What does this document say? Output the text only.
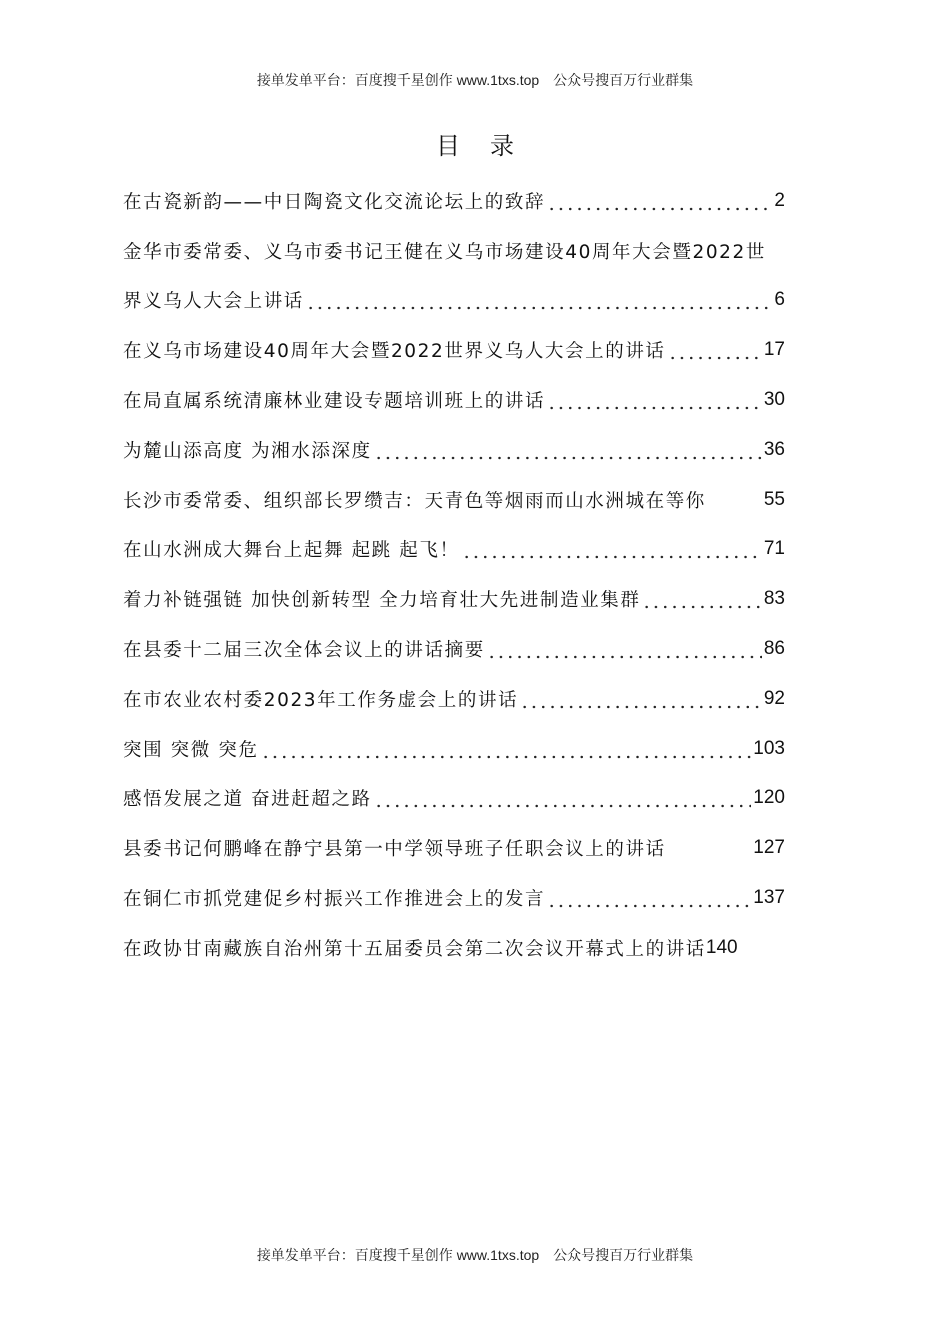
接单发单平台：百度搜千星创作 www.1txs.top　公众号搜百万行业群集
目录
在古瓷新韵——中日陶瓷文化交流论坛上的致辞	2
金华市委常委、义乌市委书记王健在义乌市场建设40周年大会暨2022世
界义乌人大会上讲话	6
在义乌市场建设40周年大会暨2022世界义乌人大会上的讲话	17
在局直属系统清廉林业建设专题培训班上的讲话	30
为麓山添高度 为湘水添深度	36
长沙市委常委、组织部长罗缵吉：天青色等烟雨而山水洲城在等你	55
在山水洲成大舞台上起舞 起跳 起飞！	71
着力补链强链 加快创新转型 全力培育壮大先进制造业集群	83
在县委十二届三次全体会议上的讲话摘要	86
在市农业农村委2023年工作务虚会上的讲话	92
突围 突微 突危	103
感悟发展之道 奋进赶超之路	120
县委书记何鹏峰在静宁县第一中学领导班子任职会议上的讲话	127
在铜仁市抓党建促乡村振兴工作推进会上的发言	137
在政协甘南藏族自治州第十五届委员会第二次会议开幕式上的讲话 140
接单发单平台：百度搜千星创作 www.1txs.top　公众号搜百万行业群集
